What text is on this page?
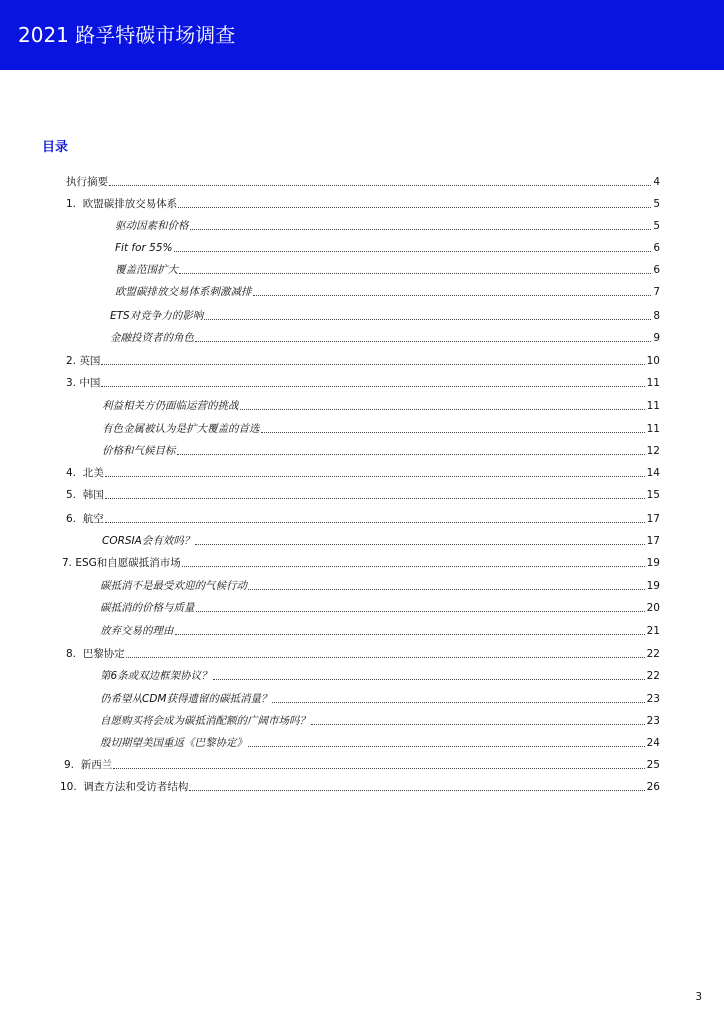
2021 路孚特碳市场调查
目录
执行摘要	4
1. 欧盟碳排放交易体系	5
驱动因素和价格	5
Fit for 55%	6
覆盖范围扩大	6
欧盟碳排放交易体系刺激减排	7
ETS对竞争力的影响	8
金融投资者的角色	9
2. 英国	10
3. 中国	11
利益相关方仍面临运营的挑战	11
有色金属被认为是扩大覆盖的首选	11
价格和气候目标	12
4. 北美	14
5. 韩国	15
6. 航空	17
CORSIA会有效吗？	17
7. ESG和自愿碳抵消市场	19
碳抵消不是最受欢迎的气候行动	19
碳抵消的价格与质量	20
放弃交易的理由	21
8. 巴黎协定	22
第6条或双边框架协议？	22
仍希望从CDM获得遗留的碳抵消量？	23
自愿购买将会成为碳抵消配额的广阔市场吗？	23
殷切期望美国重返《巴黎协定》	24
9. 新西兰	25
10. 调查方法和受访者结构	26
3
